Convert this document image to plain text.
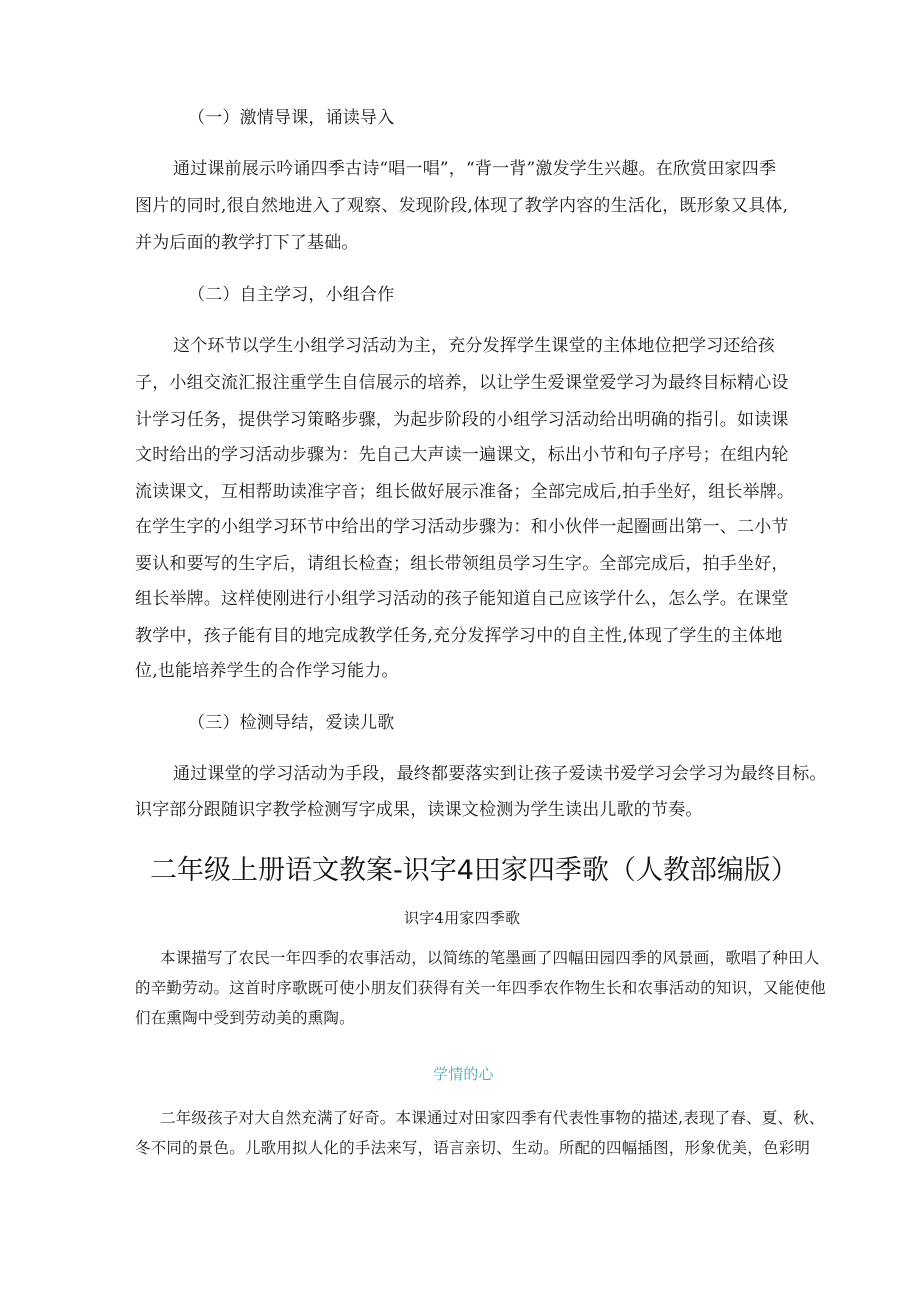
（一）激情导课，诵读导入
通过课前展示吟诵四季古诗“唱一唱”，“背一背”激发学生兴趣。在欣赏田家四季
图片的同时,很自然地进入了观察、发现阶段,体现了教学内容的生活化，既形象又具体,
并为后面的教学打下了基础。
（二）自主学习，小组合作
这个环节以学生小组学习活动为主，充分发挥学生课堂的主体地位把学习还给孩
子，小组交流汇报注重学生自信展示的培养，以让学生爱课堂爱学习为最终目标精心设
计学习任务，提供学习策略步骤，为起步阶段的小组学习活动给出明确的指引。如读课
文时给出的学习活动步骤为：先自己大声读一遍课文，标出小节和句子序号；在组内轮
流读课文，互相帮助读准字音；组长做好展示准备；全部完成后,拍手坐好，组长举牌。
在学生字的小组学习环节中给出的学习活动步骤为：和小伙伴一起圈画出第一、二小节
要认和要写的生字后，请组长检查；组长带领组员学习生字。全部完成后，拍手坐好，
组长举牌。这样使刚进行小组学习活动的孩子能知道自己应该学什么，怎么学。在课堂
教学中，孩子能有目的地完成教学任务,充分发挥学习中的自主性,体现了学生的主体地
位,也能培养学生的合作学习能力。
（三）检测导结，爱读儿歌
通过课堂的学习活动为手段，最终都要落实到让孩子爱读书爱学习会学习为最终目标。
识字部分跟随识字教学检测写字成果，读课文检测为学生读出儿歌的节奏。
二年级上册语文教案-识字4田家四季歌（人教部编版）
识字4用家四季歌
本课描写了农民一年四季的农事活动，以简练的笔墨画了四幅田园四季的风景画，歌唱了种田人
的辛勤劳动。这首时序歌既可使小朋友们获得有关一年四季农作物生长和农事活动的知识，又能使他
们在熏陶中受到劳动美的熏陶。
学情的心
二年级孩子对大自然充满了好奇。本课通过对田家四季有代表性事物的描述,表现了春、夏、秋、
冬不同的景色。儿歌用拟人化的手法来写，语言亲切、生动。所配的四幅插图，形象优美，色彩明
